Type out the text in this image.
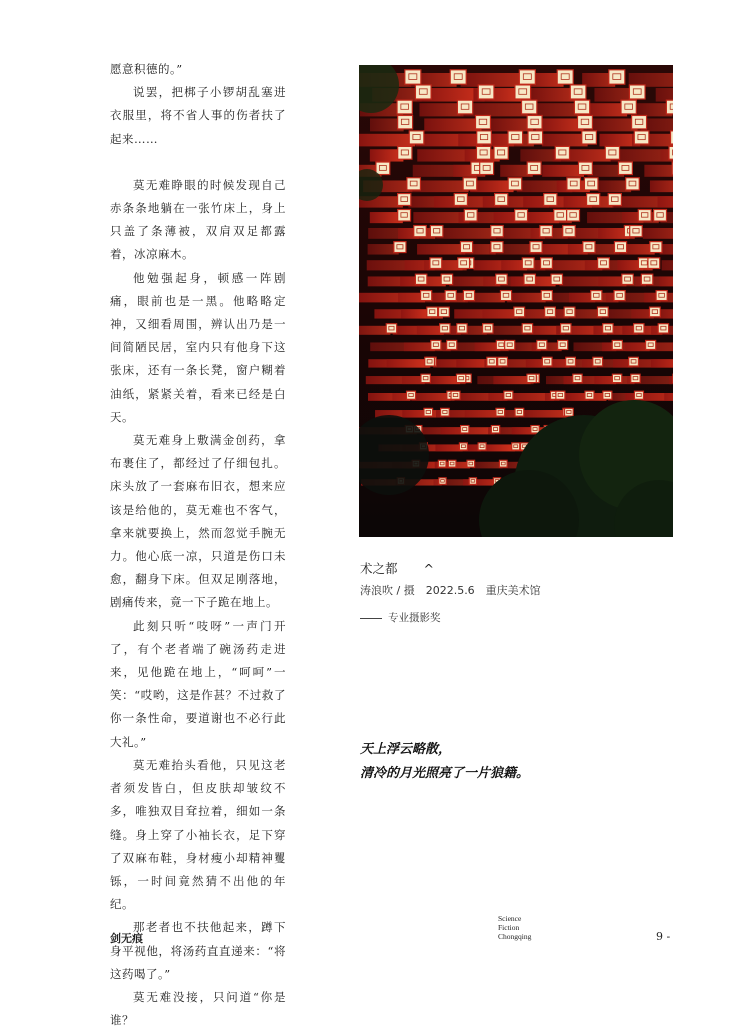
愿意积德的。”

说罢，把梆子小锣胡乱塞进衣服里，将不省人事的伤者扶了起来……

莫无难睁眼的时候发现自己赤条条地躺在一张竹床上，身上只盖了条薄被，双肩双足都露着，冰凉麻木。

他勉强起身，顿感一阵剧痛，眼前也是一黑。他略略定神，又细看周围，辨认出乃是一间简陋民居，室内只有他身下这张床，还有一条长凳，窗户糊着油纸，紧紧关着，看来已经是白天。

莫无难身上敷满金创药，拿布裹住了，都经过了仔细包扎。床头放了一套麻布旧衣，想来应该是给他的，莫无难也不客气，拿来就要换上，然而忽觉手腕无力。他心底一凉，只道是伤口未愈，翻身下床。但双足刚落地，剧痛传来，竟一下子跪在地上。

此刻只听“吱呀”一声门开了，有个老者端了碗汤药走进来，见他跪在地上，“呵呵”一笑：“哎哟，这是作甚？不过救了你一条性命，要道谢也不必行此大礼。”

莫无难抬头看他，只见这老者须发皆白，但皮肤却皱纹不多，唯独双目耷拉着，细如一条缝。身上穿了小袖长衣，足下穿了双麻布鞋，身材瘦小却精神矍铄，一时间竟然猜不出他的年纪。

那老者也不扶他起来，蹲下身平视他，将汤药直直递来：“将这药喝了。”

莫无难没接，只问道“你是谁？

术之都 ^
涛浪吹 / 摄　2022.5.6　重庆美术馆
专业摄影奖
天上浮云略散，
清冷的月光照亮了一片狼籍。
剑无痕
Science
Fiction
Chongqing	9 -
